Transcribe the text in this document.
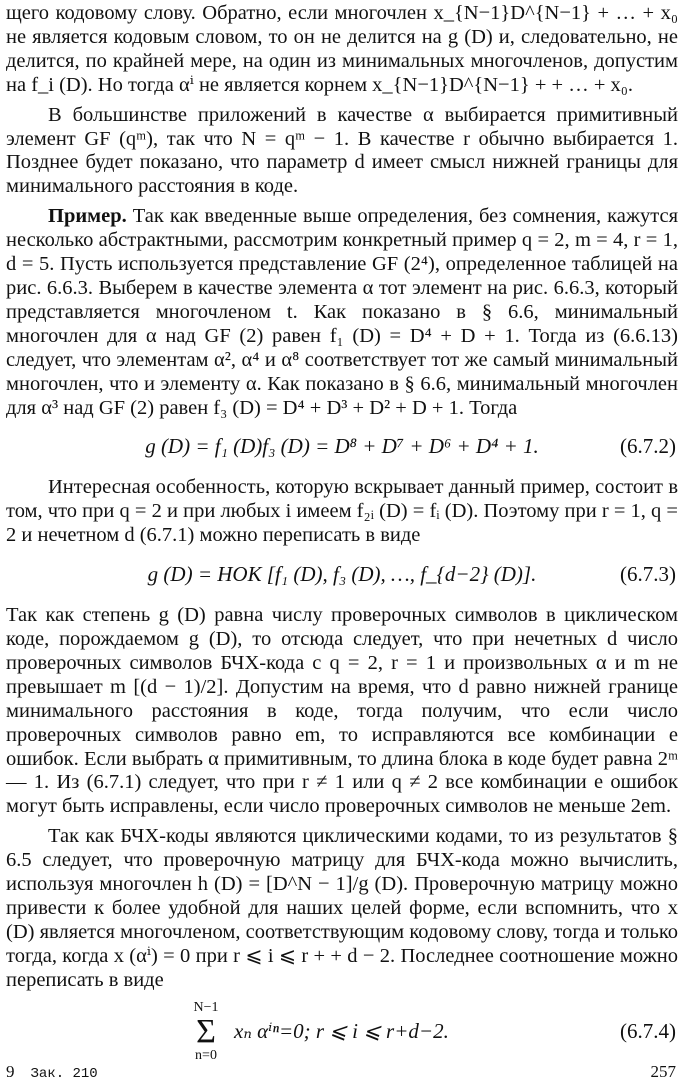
щего кодовому слову. Обратно, если многочлен x_{N−1}D^{N−1} + … + x₀ не является кодовым словом, то он не делится на g (D) и, следовательно, не делится, по крайней мере, на один из минимальных многочленов, допустим на f_i (D). Но тогда αⁱ не является корнем x_{N−1}D^{N−1} + + … + x₀.

В большинстве приложений в качестве α выбирается примитивный элемент GF (qᵐ), так что N = qᵐ − 1. В качестве r обычно выбирается 1. Позднее будет показано, что параметр d имеет смысл нижней границы для минимального расстояния в коде.

Пример. Так как введенные выше определения, без сомнения, кажутся несколько абстрактными, рассмотрим конкретный пример q = 2, m = 4, r = 1, d = 5. Пусть используется представление GF (2⁴), определенное таблицей на рис. 6.6.3. Выберем в качестве элемента α тот элемент на рис. 6.6.3, который представляется многочленом t. Как показано в § 6.6, минимальный многочлен для α над GF (2) равен f₁ (D) = D⁴ + D + 1. Тогда из (6.6.13) следует, что элементам α², α⁴ и α⁸ соответствует тот же самый минимальный многочлен, что и элементу α. Как показано в § 6.6, минимальный многочлен для α³ над GF (2) равен f₃ (D) = D⁴ + D³ + D² + D + 1. Тогда

g (D) = f₁ (D)f₃ (D) = D⁸ + D⁷ + D⁶ + D⁴ + 1.	(6.7.2)

Интересная особенность, которую вскрывает данный пример, состоит в том, что при q = 2 и при любых i имеем f₂ᵢ (D) = fᵢ (D). Поэтому при r = 1, q = 2 и нечетном d (6.7.1) можно переписать в виде

g (D) = НОК [f₁ (D), f₃ (D), …, f_{d−2} (D)].	(6.7.3)

Так как степень g (D) равна числу проверочных символов в циклическом коде, порождаемом g (D), то отсюда следует, что при нечетных d число проверочных символов БЧХ-кода с q = 2, r = 1 и произвольных α и m не превышает m [(d − 1)/2]. Допустим на время, что d равно нижней границе минимального расстояния в коде, тогда получим, что если число проверочных символов равно em, то исправляются все комбинации e ошибок. Если выбрать α примитивным, то длина блока в коде будет равна 2ᵐ — 1. Из (6.7.1) следует, что при r ≠ 1 или q ≠ 2 все комбинации e ошибок могут быть исправлены, если число проверочных символов не меньше 2em.

Так как БЧХ-коды являются циклическими кодами, то из результатов § 6.5 следует, что проверочную матрицу для БЧХ-кода можно вычислить, используя многочлен h (D) = [D^N − 1]/g (D). Проверочную матрицу можно привести к более удобной для наших целей форме, если вспомнить, что x (D) является многочленом, соответствующим кодовому слову, тогда и только тогда, когда x (αⁱ) = 0 при r ⩽ i ⩽ r + + d − 2. Последнее соотношение можно переписать в виде

N−1
Σ
n=0
xₙ αⁱⁿ=0; r ⩽ i ⩽ r+d−2.	(6.7.4)
9 Зак. 210	257
